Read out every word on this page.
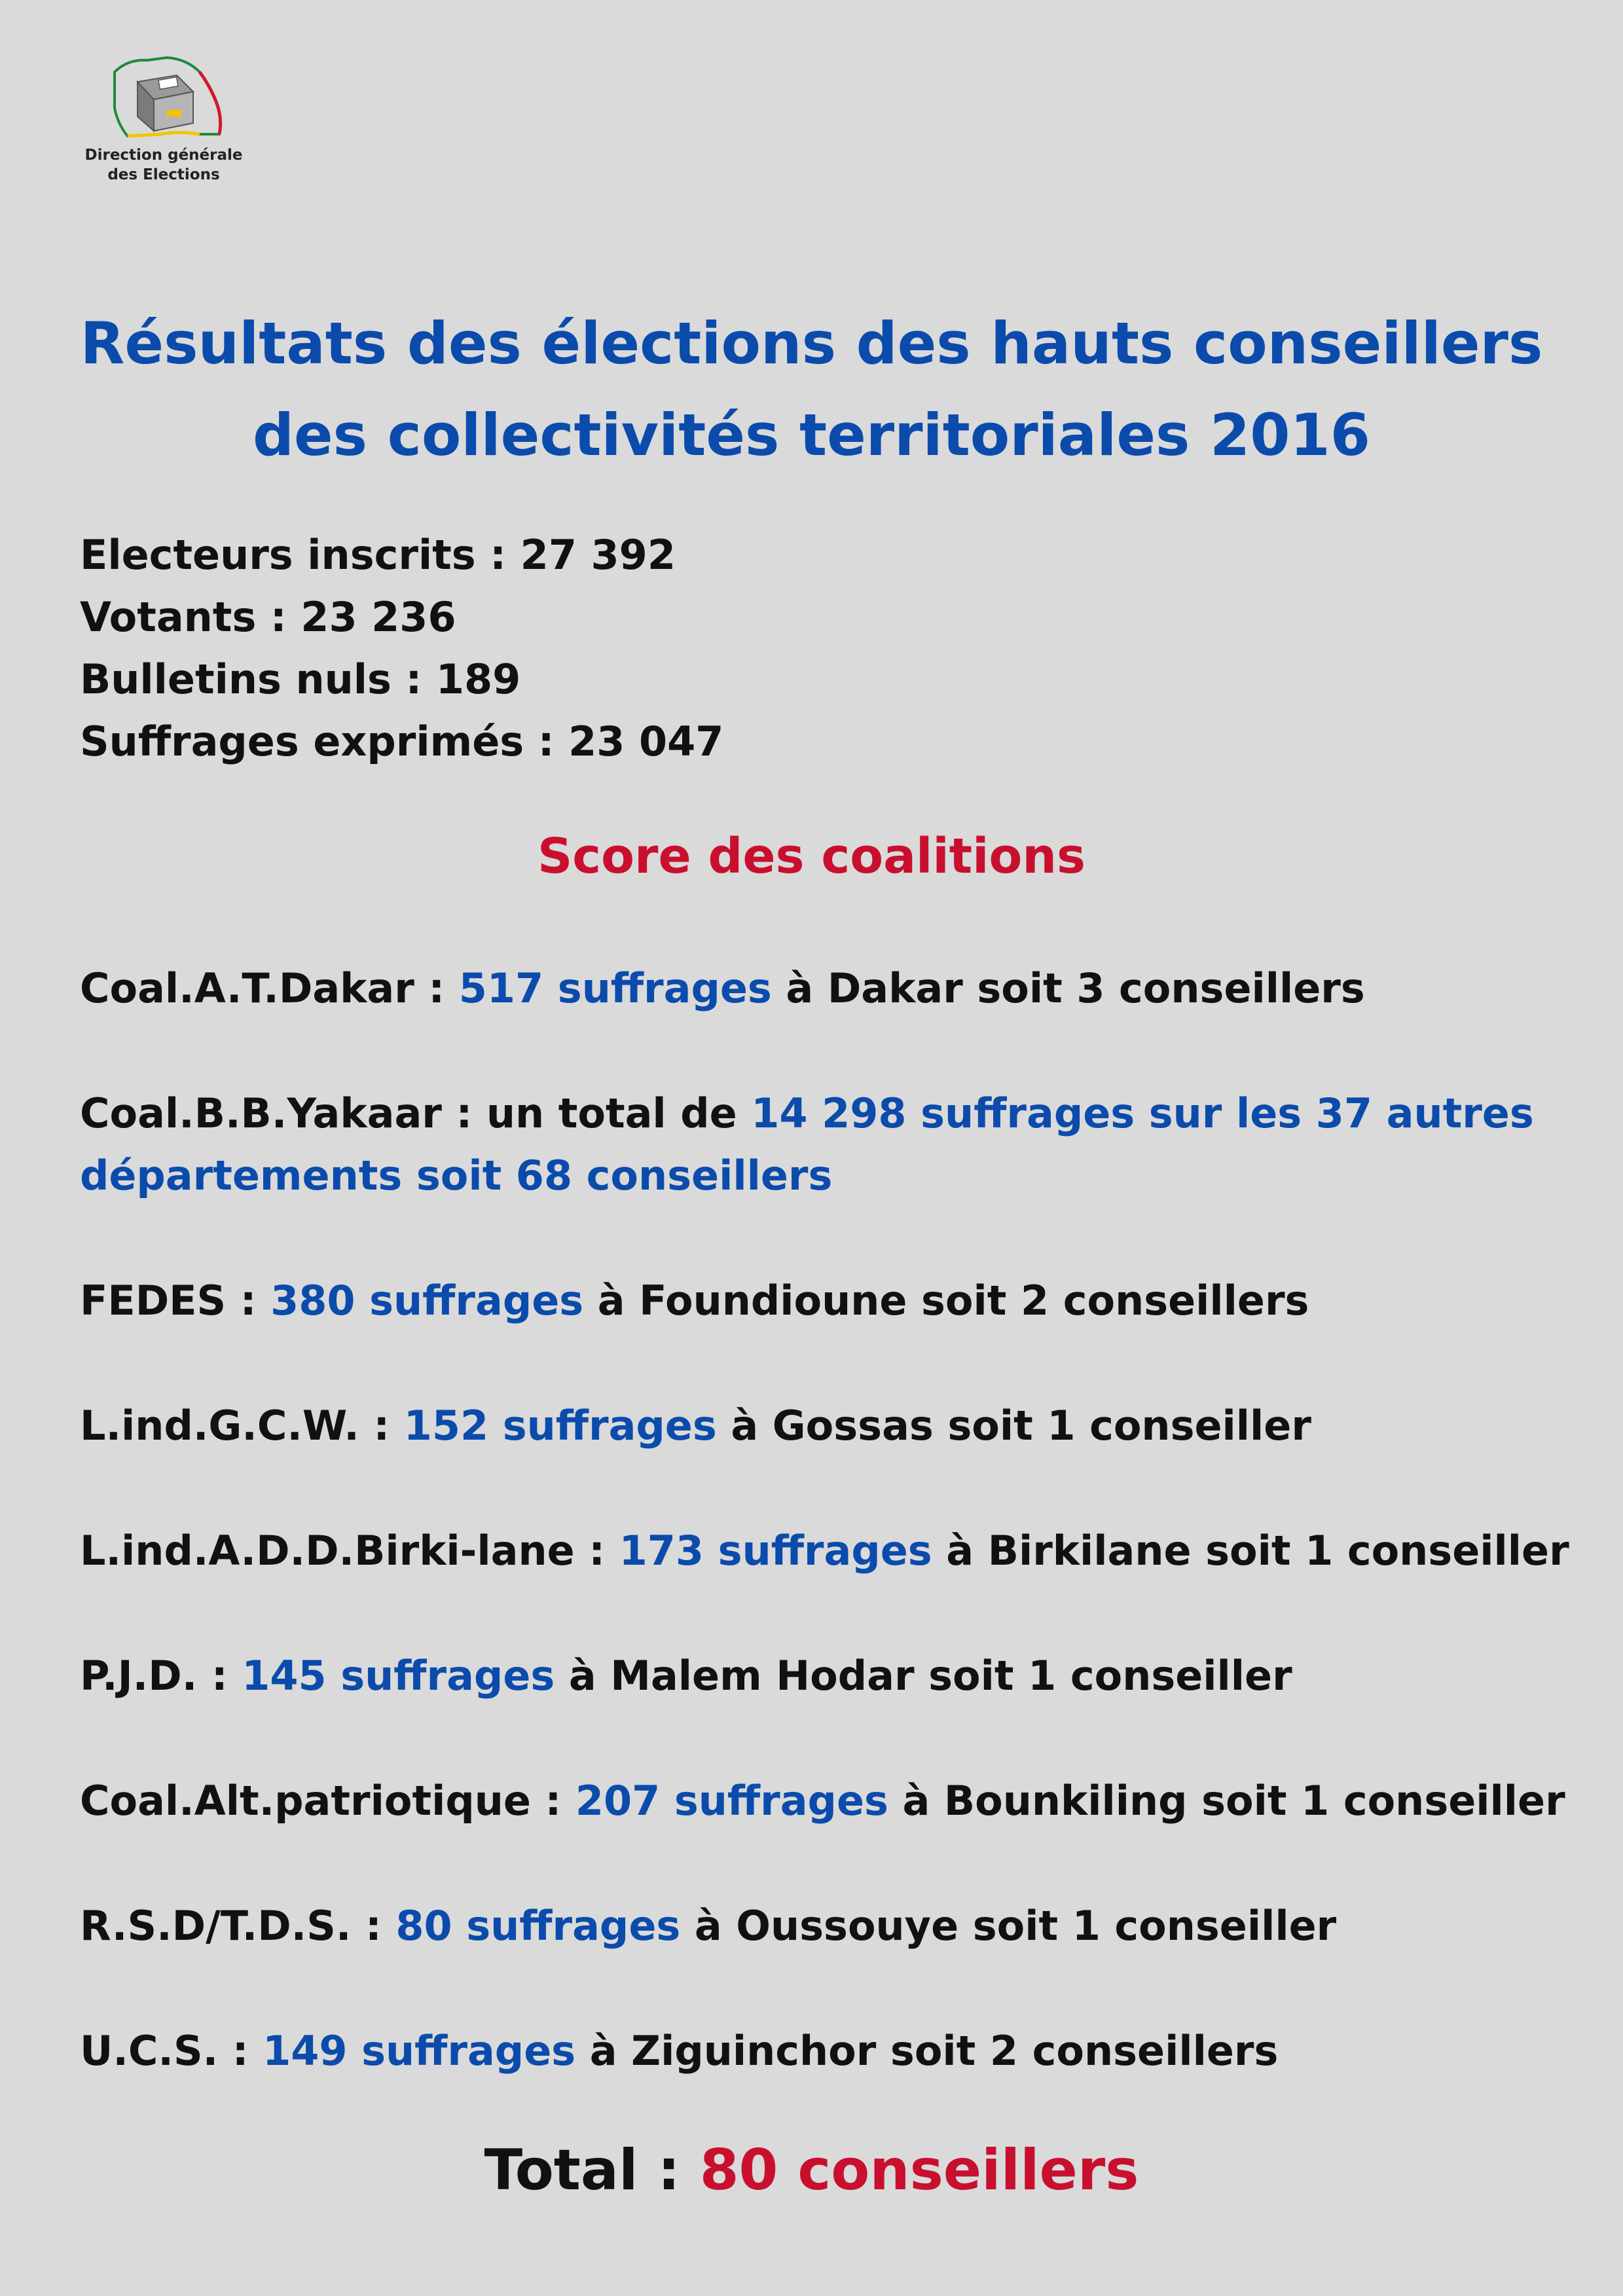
Direction générale
des Elections
Résultats des élections des hauts conseillers
des collectivités territoriales 2016
Electeurs inscrits : 27 392
Votants : 23 236
Bulletins nuls : 189
Suffrages exprimés : 23 047
Score des coalitions
Coal.A.T.Dakar : 517 suffrages à Dakar soit 3 conseillers
Coal.B.B.Yakaar : un total de 14 298 suffrages sur les 37 autres
départements soit 68 conseillers
FEDES : 380 suffrages à Foundioune soit 2 conseillers
L.ind.G.C.W. : 152 suffrages à Gossas soit 1 conseiller
L.ind.A.D.D.Birki-lane : 173 suffrages à Birkilane soit 1 conseiller
P.J.D. : 145 suffrages à Malem Hodar soit 1 conseiller
Coal.Alt.patriotique : 207 suffrages à Bounkiling soit 1 conseiller
R.S.D/T.D.S. : 80 suffrages à Oussouye soit 1 conseiller
U.C.S. : 149 suffrages à Ziguinchor soit 2 conseillers
Total : 80 conseillers
